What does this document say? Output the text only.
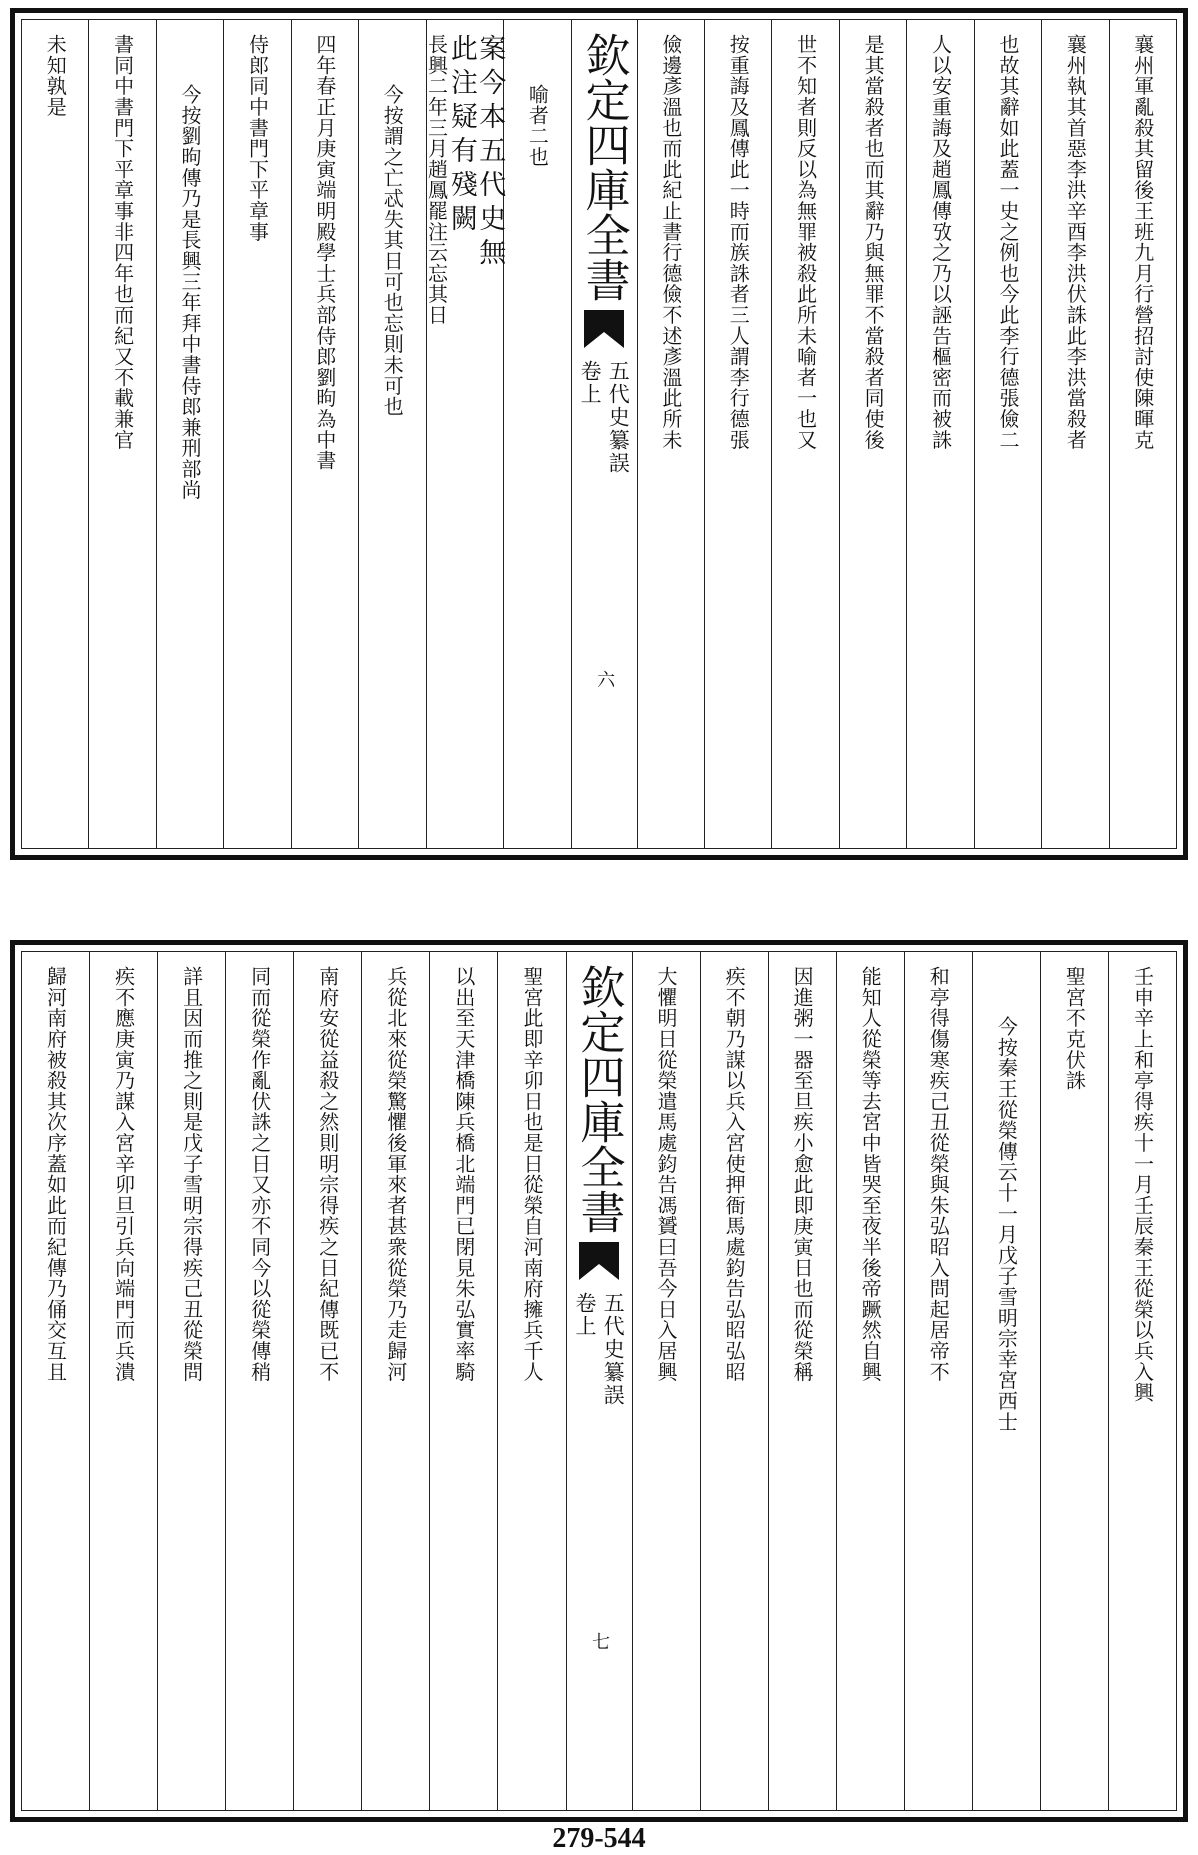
襄州軍亂殺其留後王班九月行營招討使陳暉克
襄州執其首惡李洪辛酉李洪伏誅此李洪當殺者
也故其辭如此蓋一史之例也今此李行德張儉二
人以安重誨及趙鳳傳攷之乃以誣告樞密而被誅
是其當殺者也而其辭乃與無罪不當殺者同使後
世不知者則反以為無罪被殺此所未喻者一也又
按重誨及鳳傳此一時而族誅者三人謂李行德張
儉邊彥溫也而此紀止書行德儉不述彥溫此所未
欽定四庫全書
五代史纂誤
卷上
六
喻者二也
長興二年三月趙鳳罷注云忘其日 案今本五代史無
此注疑有殘闕
今按謂之亡忒失其日可也忘則未可也
四年春正月庚寅端明殿學士兵部侍郎劉昫為中書
侍郎同中書門下平章事
今按劉昫傳乃是長興三年拜中書侍郎兼刑部尚
書同中書門下平章事非四年也而紀又不載兼官
未知孰是
壬申辛上和亭得疾十一月壬辰秦王從榮以兵入興
聖宮不克伏誅
今按秦王從榮傳云十一月戊子雪明宗幸宮西士
和亭得傷寒疾己丑從榮與朱弘昭入問起居帝不
能知人從榮等去宮中皆哭至夜半後帝蹶然自興
因進粥一器至旦疾小愈此即庚寅日也而從榮稱
疾不朝乃謀以兵入宮使押衙馬處鈞告弘昭弘昭
大懼明日從榮遣馬處鈞告馮贇曰吾今日入居興
欽定四庫全書
五代史纂誤
卷上
七
聖宮此即辛卯日也是日從榮自河南府擁兵千人
以出至天津橋陳兵橋北端門已閉見朱弘實率騎
兵從北來從榮驚懼後軍來者甚衆從榮乃走歸河
南府安從益殺之然則明宗得疾之日紀傳既已不
同而從榮作亂伏誅之日又亦不同今以從榮傳稍
詳且因而推之則是戊子雪明宗得疾己丑從榮問
疾不應庚寅乃謀入宮辛卯旦引兵向端門而兵潰
歸河南府被殺其次序蓋如此而紀傳乃俑交互且
279-544
